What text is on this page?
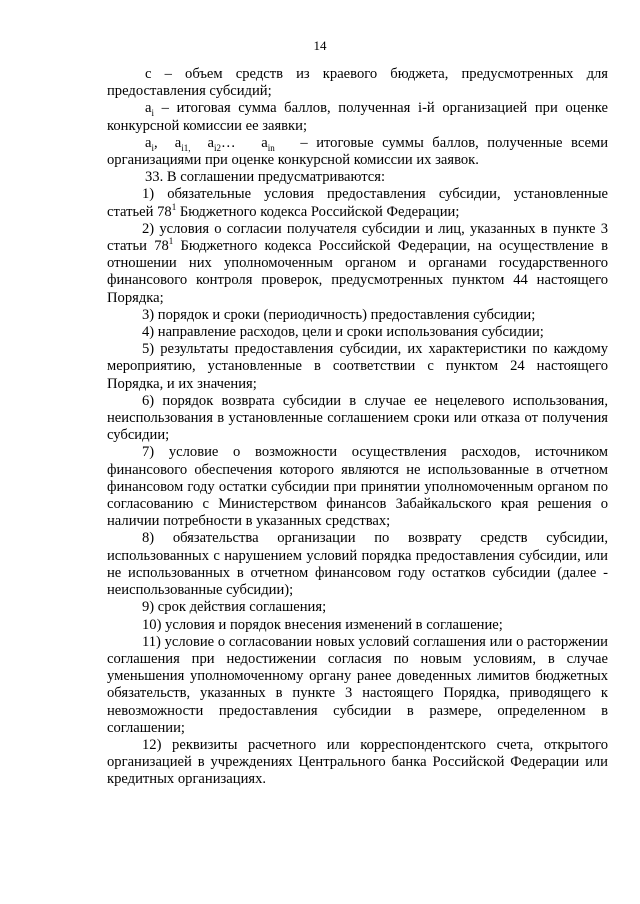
14

с – объем средств из краевого бюджета, предусмотренных для предоставления субсидий;

$a_i$ – итоговая сумма баллов, полученная i-й организацией при оценке конкурсной комиссии ее заявки;

$a_i$,  $a_{i1,}$ $a_{i2}\dots$   $a_{in}$ – итоговые суммы баллов, полученные всеми организациями при оценке конкурсной комиссии их заявок.

33. В соглашении предусматриваются:

1) обязательные условия предоставления субсидии, установленные статьей $78^1$ Бюджетного кодекса Российской Федерации;

2) условия о согласии получателя субсидии и лиц, указанных в пункте 3 статьи $78^1$ Бюджетного кодекса Российской Федерации, на осуществление в отношении них уполномоченным органом и органами государственного финансового контроля проверок, предусмотренных пунктом 44 настоящего Порядка;

3) порядок и сроки (периодичность) предоставления субсидии;

4) направление расходов, цели и сроки использования субсидии;

5) результаты предоставления субсидии, их характеристики по каждому мероприятию, установленные в соответствии с пунктом 24 настоящего Порядка, и их значения;

6) порядок возврата субсидии в случае ее нецелевого использования, неиспользования в установленные соглашением сроки или отказа от получения субсидии;

7) условие о возможности осуществления расходов, источником финансового обеспечения которого являются не использованные в отчетном финансовом году остатки субсидии при принятии уполномоченным органом по согласованию с Министерством финансов Забайкальского края решения о наличии потребности в указанных средствах;

8) обязательства организации по возврату средств субсидии, использованных с нарушением условий порядка предоставления субсидии, или не использованных в отчетном финансовом году остатков субсидии (далее - неиспользованные субсидии);

9) срок действия соглашения;

10) условия и порядок внесения изменений в соглашение;

11) условие о согласовании новых условий соглашения или о расторжении соглашения при недостижении согласия по новым условиям, в случае уменьшения уполномоченному органу ранее доведенных лимитов бюджетных обязательств, указанных в пункте 3 настоящего Порядка, приводящего к невозможности предоставления субсидии в размере, определенном в соглашении;

12) реквизиты расчетного или корреспондентского счета, открытого организацией в учреждениях Центрального банка Российской Федерации или кредитных организациях.
